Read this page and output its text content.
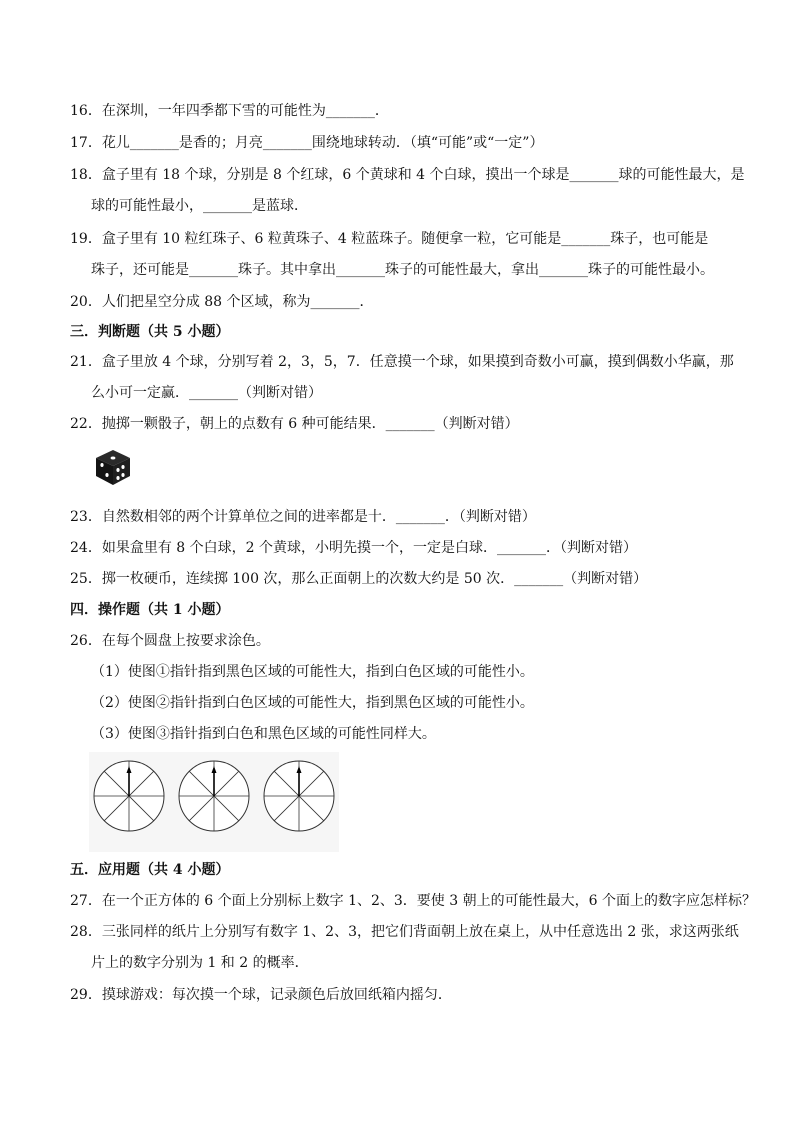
16．在深圳，一年四季都下雪的可能性为_______．
17．花儿_______是香的；月亮_______围绕地球转动．（填“可能”或“一定”）
18．盒子里有 18 个球，分别是 8 个红球，6 个黄球和 4 个白球，摸出一个球是_______球的可能性最大，是
球的可能性最小，_______是蓝球．
19．盒子里有 10 粒红珠子、6 粒黄珠子、4 粒蓝珠子。随便拿一粒，它可能是_______珠子，也可能是
珠子，还可能是_______珠子。其中拿出_______珠子的可能性最大，拿出_______珠子的可能性最小。
20．人们把星空分成 88 个区域，称为_______．
三．判断题（共 5 小题）
21．盒子里放 4 个球，分别写着 2，3，5，7．任意摸一个球，如果摸到奇数小可赢，摸到偶数小华赢，那
么小可一定赢．_______（判断对错）
22．抛掷一颗骰子，朝上的点数有 6 种可能结果．_______（判断对错）
23．自然数相邻的两个计算单位之间的进率都是十．_______．（判断对错）
24．如果盒里有 8 个白球，2 个黄球，小明先摸一个，一定是白球．_______．（判断对错）
25．掷一枚硬币，连续掷 100 次，那么正面朝上的次数大约是 50 次．_______（判断对错）
四．操作题（共 1 小题）
26．在每个圆盘上按要求涂色。
（1）使图①指针指到黑色区域的可能性大，指到白色区域的可能性小。
（2）使图②指针指到白色区域的可能性大，指到黑色区域的可能性小。
（3）使图③指针指到白色和黑色区域的可能性同样大。
五．应用题（共 4 小题）
27．在一个正方体的 6 个面上分别标上数字 1、2、3．要使 3 朝上的可能性最大，6 个面上的数字应怎样标？
28．三张同样的纸片上分别写有数字 1、2、3，把它们背面朝上放在桌上，从中任意选出 2 张，求这两张纸
片上的数字分别为 1 和 2 的概率．
29．摸球游戏：每次摸一个球，记录颜色后放回纸箱内摇匀．
